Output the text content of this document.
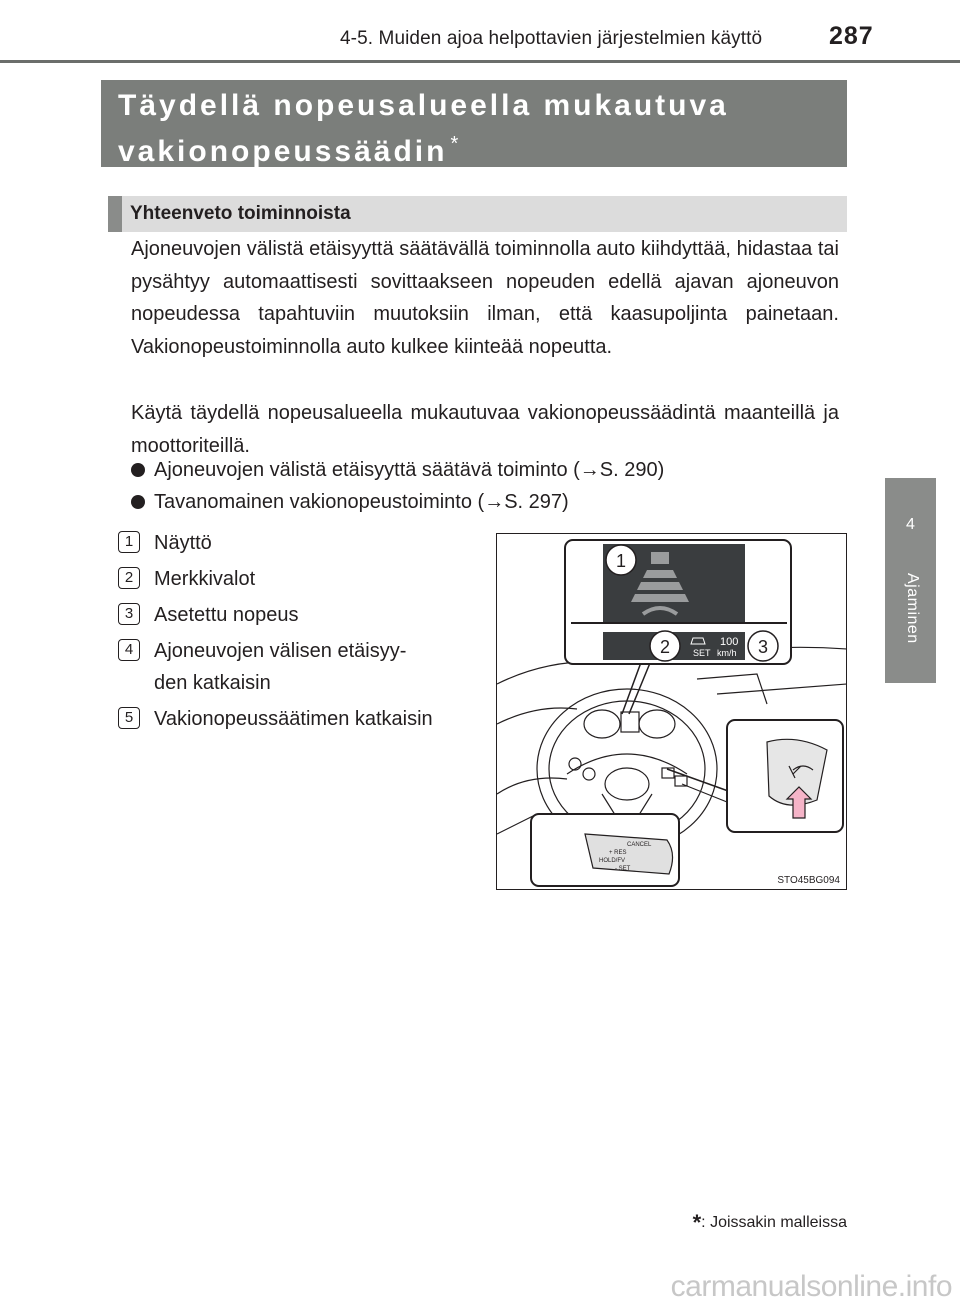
4-5. Muiden ajoa helpottavien järjestelmien käyttö	287
4
Ajaminen
Täydellä nopeusalueella mukautuva
vakionopeussäädin *
Yhteenveto toiminnoista
Ajoneuvojen välistä etäisyyttä säätävällä toiminnolla auto kiihdyttää, hidastaa tai pysähtyy automaattisesti sovittaakseen nopeuden edellä ajavan ajoneuvon nopeudessa tapahtuviin muutoksiin ilman, että kaasupoljinta painetaan. Vakionopeustoiminnolla auto kulkee kiinteää nopeutta.
Käytä täydellä nopeusalueella mukautuvaa vakionopeussäädintä maanteillä ja moottoriteillä.
Ajoneuvojen välistä etäisyyttä säätävä toiminto (→S. 290)
Tavanomainen vakionopeustoiminto (→S. 297)
1	Näyttö
2	Merkkivalot
3	Asetettu nopeus
4	Ajoneuvojen välisen etäisyy-
den katkaisin
5	Vakionopeussäätimen katkaisin
100
SET km/h
1
2	3
CANCEL
+ RES
HOLD/FV
- SET
STO45BG094
*: Joissakin malleissa
carmanualsonline.info
